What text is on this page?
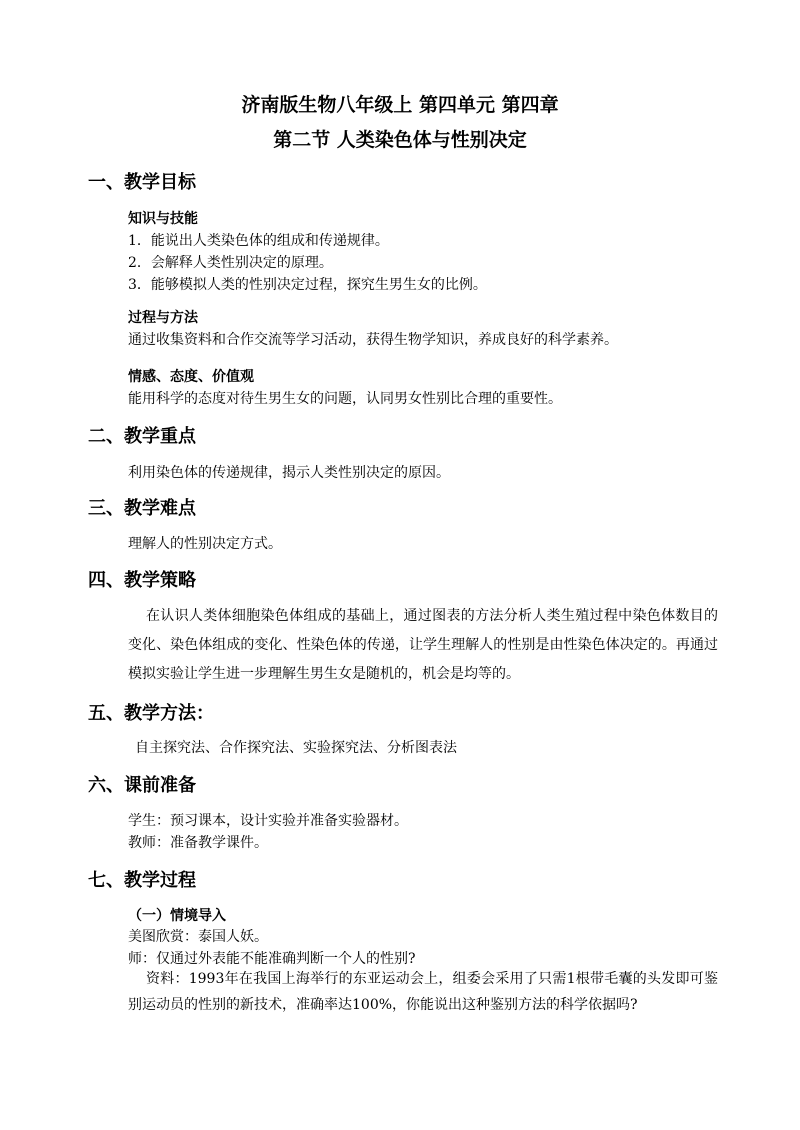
济南版生物八年级上 第四单元 第四章
第二节 人类染色体与性别决定
一、教学目标
知识与技能
1．能说出人类染色体的组成和传递规律。
2．会解释人类性别决定的原理。
3．能够模拟人类的性别决定过程，探究生男生女的比例。
过程与方法
通过收集资料和合作交流等学习活动，获得生物学知识，养成良好的科学素养。
情感、态度、价值观
能用科学的态度对待生男生女的问题，认同男女性别比合理的重要性。
二、教学重点
利用染色体的传递规律，揭示人类性别决定的原因。
三、教学难点
理解人的性别决定方式。
四、教学策略
在认识人类体细胞染色体组成的基础上，通过图表的方法分析人类生殖过程中染色体数目的变化、染色体组成的变化、性染色体的传递，让学生理解人的性别是由性染色体决定的。再通过模拟实验让学生进一步理解生男生女是随机的，机会是均等的。
五、教学方法：
自主探究法、合作探究法、实验探究法、分析图表法
六、课前准备
学生：预习课本，设计实验并准备实验器材。
教师：准备教学课件。
七、教学过程
（一）情境导入
美图欣赏：泰国人妖。
师：仅通过外表能不能准确判断一个人的性别?
资料：1993年在我国上海举行的东亚运动会上，组委会采用了只需1根带毛囊的头发即可鉴别运动员的性别的新技术，准确率达100%，你能说出这种鉴别方法的科学依据吗?
